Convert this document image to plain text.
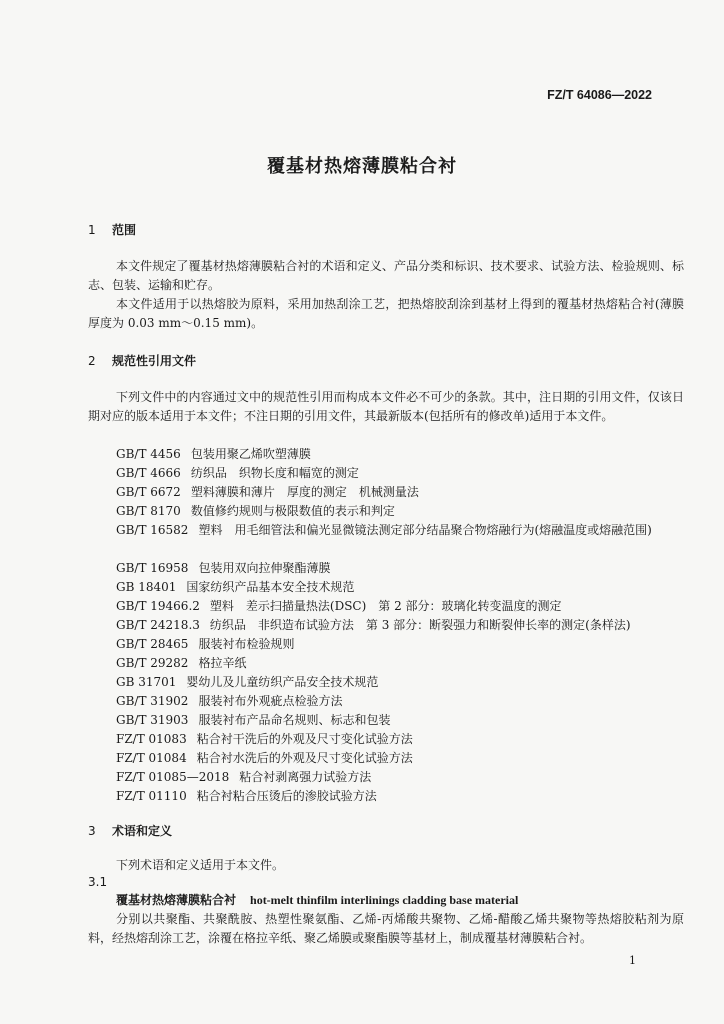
FZ/T 64086—2022
覆基材热熔薄膜粘合衬
1 范围
本文件规定了覆基材热熔薄膜粘合衬的术语和定义、产品分类和标识、技术要求、试验方法、检验规则、标志、包装、运输和贮存。
本文件适用于以热熔胶为原料，采用加热刮涂工艺，把热熔胶刮涂到基材上得到的覆基材热熔粘合衬(薄膜厚度为 0.03 mm～0.15 mm)。
2 规范性引用文件
下列文件中的内容通过文中的规范性引用而构成本文件必不可少的条款。其中，注日期的引用文件，仅该日期对应的版本适用于本文件；不注日期的引用文件，其最新版本(包括所有的修改单)适用于本文件。
GB/T 4456 包装用聚乙烯吹塑薄膜
GB/T 4666 纺织品　织物长度和幅宽的测定
GB/T 6672 塑料薄膜和薄片　厚度的测定　机械测量法
GB/T 8170 数值修约规则与极限数值的表示和判定
GB/T 16582 塑料　用毛细管法和偏光显微镜法测定部分结晶聚合物熔融行为(熔融温度或熔融范围)
GB/T 16958 包装用双向拉伸聚酯薄膜
GB 18401 国家纺织产品基本安全技术规范
GB/T 19466.2 塑料　差示扫描量热法(DSC)　第 2 部分：玻璃化转变温度的测定
GB/T 24218.3 纺织品　非织造布试验方法　第 3 部分：断裂强力和断裂伸长率的测定(条样法)
GB/T 28465 服装衬布检验规则
GB/T 29282 格拉辛纸
GB 31701 婴幼儿及儿童纺织产品安全技术规范
GB/T 31902 服装衬布外观疵点检验方法
GB/T 31903 服装衬布产品命名规则、标志和包装
FZ/T 01083 粘合衬干洗后的外观及尺寸变化试验方法
FZ/T 01084 粘合衬水洗后的外观及尺寸变化试验方法
FZ/T 01085—2018 粘合衬剥离强力试验方法
FZ/T 01110 粘合衬粘合压烫后的渗胶试验方法
3 术语和定义
下列术语和定义适用于本文件。
3.1
覆基材热熔薄膜粘合衬 hot-melt thinfilm interlinings cladding base material
分别以共聚酯、共聚酰胺、热塑性聚氨酯、乙烯-丙烯酸共聚物、乙烯-醋酸乙烯共聚物等热熔胶粘剂为原料，经热熔刮涂工艺，涂覆在格拉辛纸、聚乙烯膜或聚酯膜等基材上，制成覆基材薄膜粘合衬。
1
